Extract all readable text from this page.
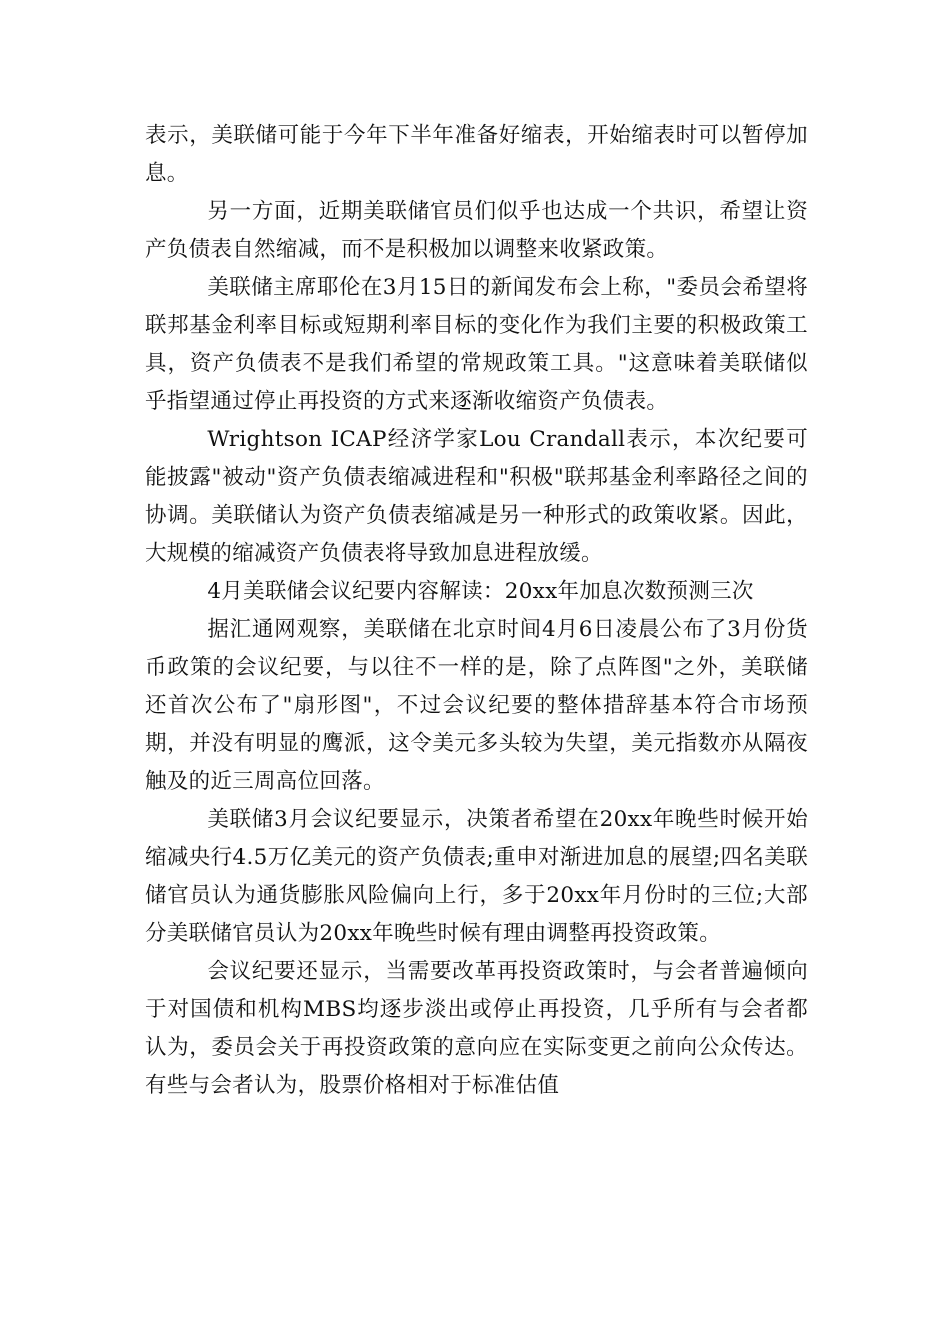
表示，美联储可能于今年下半年准备好缩表，开始缩表时可以暂停加息。

另一方面，近期美联储官员们似乎也达成一个共识，希望让资产负债表自然缩减，而不是积极加以调整来收紧政策。

美联储主席耶伦在3月15日的新闻发布会上称，"委员会希望将联邦基金利率目标或短期利率目标的变化作为我们主要的积极政策工具，资产负债表不是我们希望的常规政策工具。"这意味着美联储似乎指望通过停止再投资的方式来逐渐收缩资产负债表。

Wrightson ICAP经济学家Lou Crandall表示，本次纪要可能披露"被动"资产负债表缩减进程和"积极"联邦基金利率路径之间的协调。美联储认为资产负债表缩减是另一种形式的政策收紧。因此，大规模的缩减资产负债表将导致加息进程放缓。

4月美联储会议纪要内容解读：20xx年加息次数预测三次

据汇通网观察，美联储在北京时间4月6日凌晨公布了3月份货币政策的会议纪要，与以往不一样的是，除了点阵图"之外，美联储还首次公布了"扇形图"，不过会议纪要的整体措辞基本符合市场预期，并没有明显的鹰派，这令美元多头较为失望，美元指数亦从隔夜触及的近三周高位回落。

美联储3月会议纪要显示，决策者希望在20xx年晚些时候开始缩减央行4.5万亿美元的资产负债表;重申对渐进加息的展望;四名美联储官员认为通货膨胀风险偏向上行，多于20xx年月份时的三位;大部分美联储官员认为20xx年晚些时候有理由调整再投资政策。

会议纪要还显示，当需要改革再投资政策时，与会者普遍倾向于对国债和机构MBS均逐步淡出或停止再投资，几乎所有与会者都认为，委员会关于再投资政策的意向应在实际变更之前向公众传达。有些与会者认为，股票价格相对于标准估值
